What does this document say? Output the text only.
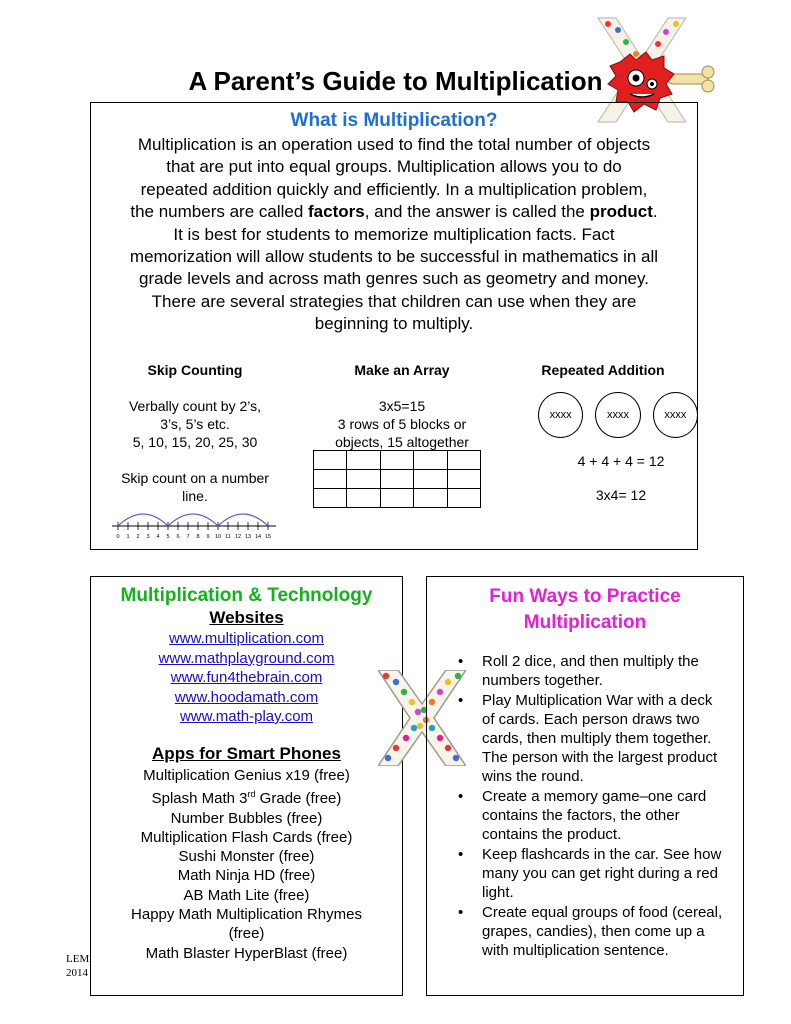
A Parent’s Guide to Multiplication
What is Multiplication?
Multiplication is an operation used to find the total number of objects
that are put into equal groups. Multiplication allows you to do
repeated addition quickly and efficiently. In a multiplication problem,
the numbers are called factors, and the answer is called the product.
It is best for students to memorize multiplication facts. Fact
memorization will allow students to be successful in mathematics in all
grade levels and across math genres such as geometry and money.
There are several strategies that children can use when they are
beginning to multiply.
Skip Counting
Verbally count by 2’s,
3’s, 5’s etc.
5, 10, 15, 20, 25, 30
Skip count on a number
line.
0 1 2 3 4 5 6 7 8 9 10 11 12 13 14 15
Make an Array
3x5=15
3 rows of 5 blocks or
objects, 15 altogether

Repeated Addition
xxxx	xxxx	xxxx
4 + 4 + 4 = 12
3x4= 12
Multiplication & Technology
Websites
www.multiplication.com
www.mathplayground.com
www.fun4thebrain.com
www.hoodamath.com
www.math-play.com
Apps for Smart Phones
Multiplication Genius x19 (free)
Splash Math 3rd Grade (free)
Number Bubbles (free)
Multiplication Flash Cards (free)
Sushi Monster (free)
Math Ninja HD (free)
AB Math Lite (free)
Happy Math Multiplication Rhymes
(free)
Math Blaster HyperBlast (free)
LEM
2014
Fun Ways to Practice
Multiplication
• Roll 2 dice, and then multiply the numbers together.
• Play Multiplication War with a deck of cards. Each person draws two cards, then multiply them together. The person with the largest product wins the round.
• Create a memory game–one card contains the factors, the other contains the product.
• Keep flashcards in the car. See how many you can get right during a red light.
• Create equal groups of food (cereal, grapes, candies), then come up a with multiplication sentence.
